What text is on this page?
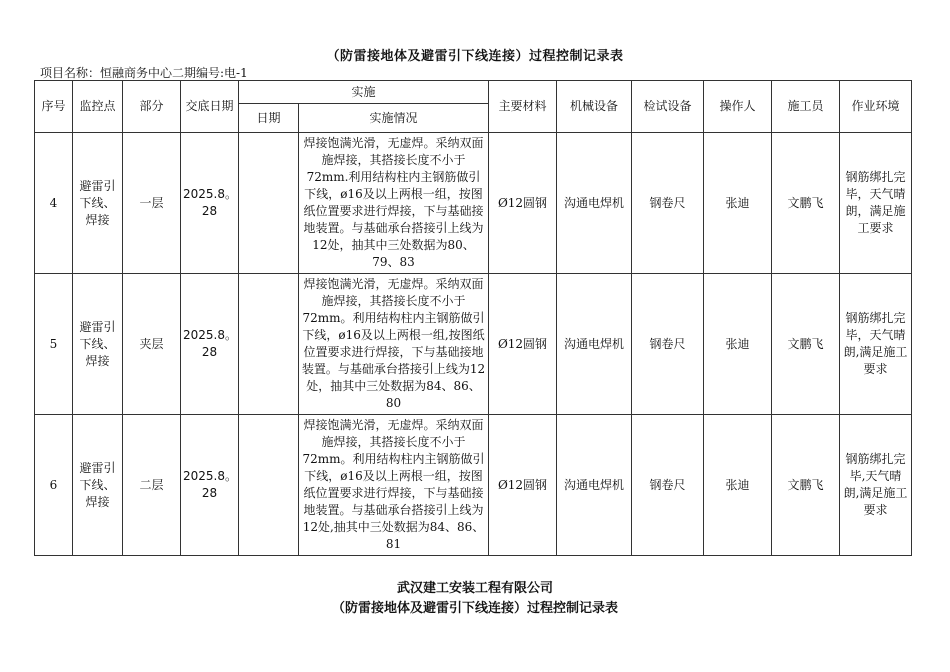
（防雷接地体及避雷引下线连接）过程控制记录表
项目名称：恒融商务中心二期编号:电-1
序号	监控点	部分	交底日期	实施		主要材料	机械设备	检试设备	操作人	施工员	作业环境
				日期	实施情况						
4	避雷引下线、焊接	一层	2025.8。28		焊接饱满光滑，无虚焊。采纳双面施焊接，其搭接长度不小于72mm.利用结构柱内主钢筋做引下线，ø16及以上两根一组，按图纸位置要求进行焊接，下与基础接地装置。与基础承台搭接引上线为12处，抽其中三处数据为80、79、83	Ø12圆钢	沟通电焊机	钢卷尺	张迪	文鹏飞	钢筋绑扎完毕，天气晴朗，满足施工要求
5	避雷引下线、焊接	夹层	2025.8。28		焊接饱满光滑，无虚焊。采纳双面施焊接，其搭接长度不小于72mm。利用结构柱内主钢筋做引下线，ø16及以上两根一组,按图纸位置要求进行焊接，下与基础接地装置。与基础承台搭接引上线为12处，抽其中三处数据为84、86、80	Ø12圆钢	沟通电焊机	钢卷尺	张迪	文鹏飞	钢筋绑扎完毕，天气晴朗,满足施工要求
6	避雷引下线、焊接	二层	2025.8。28		焊接饱满光滑，无虚焊。采纳双面施焊接，其搭接长度不小于72mm。利用结构柱内主钢筋做引下线，ø16及以上两根一组，按图纸位置要求进行焊接，下与基础接地装置。与基础承台搭接引上线为12处,抽其中三处数据为84、86、81	Ø12圆钢	沟通电焊机	钢卷尺	张迪	文鹏飞	钢筋绑扎完毕,天气晴朗,满足施工要求
武汉建工安装工程有限公司
（防雷接地体及避雷引下线连接）过程控制记录表
